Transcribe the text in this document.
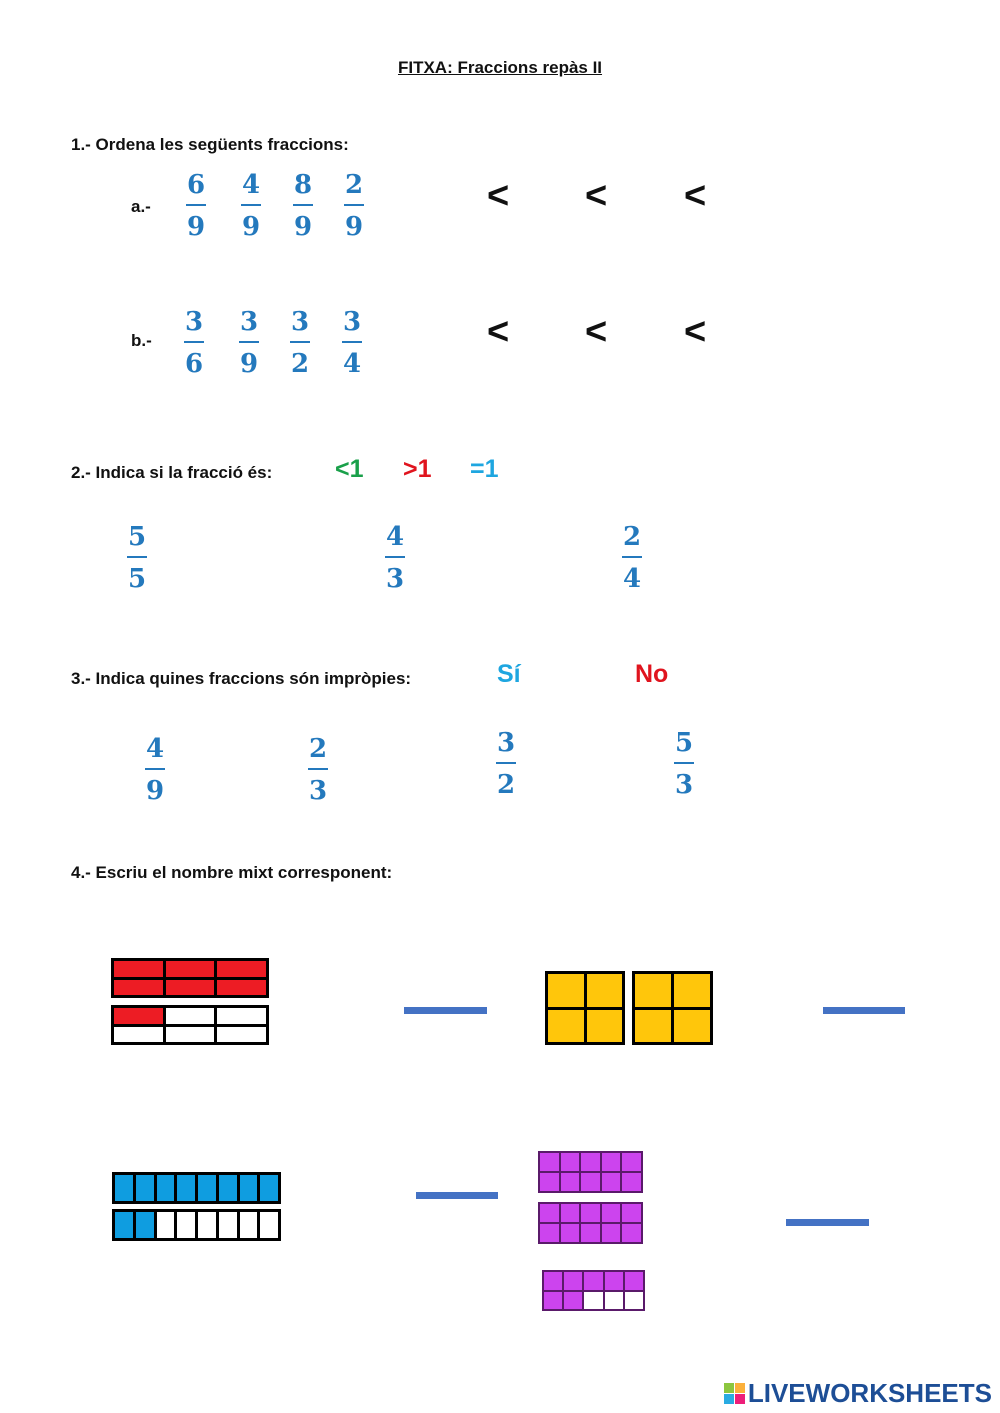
FITXA: Fraccions repàs II
1.- Ordena les següents fraccions:
a.-
b.-
< < <
< < <
2.- Indica si la fracció és:	<1 >1 =1
3.- Indica quines fraccions són impròpies:	Sí	No
4.- Escriu el nombre mixt corresponent:
LIVEWORKSHEETS
6
9
4
9
8
9
2
9
3
6
3
9
3
2
3
4
5
5
4
3
2
4
4
9
2
3
3
2
5
3
